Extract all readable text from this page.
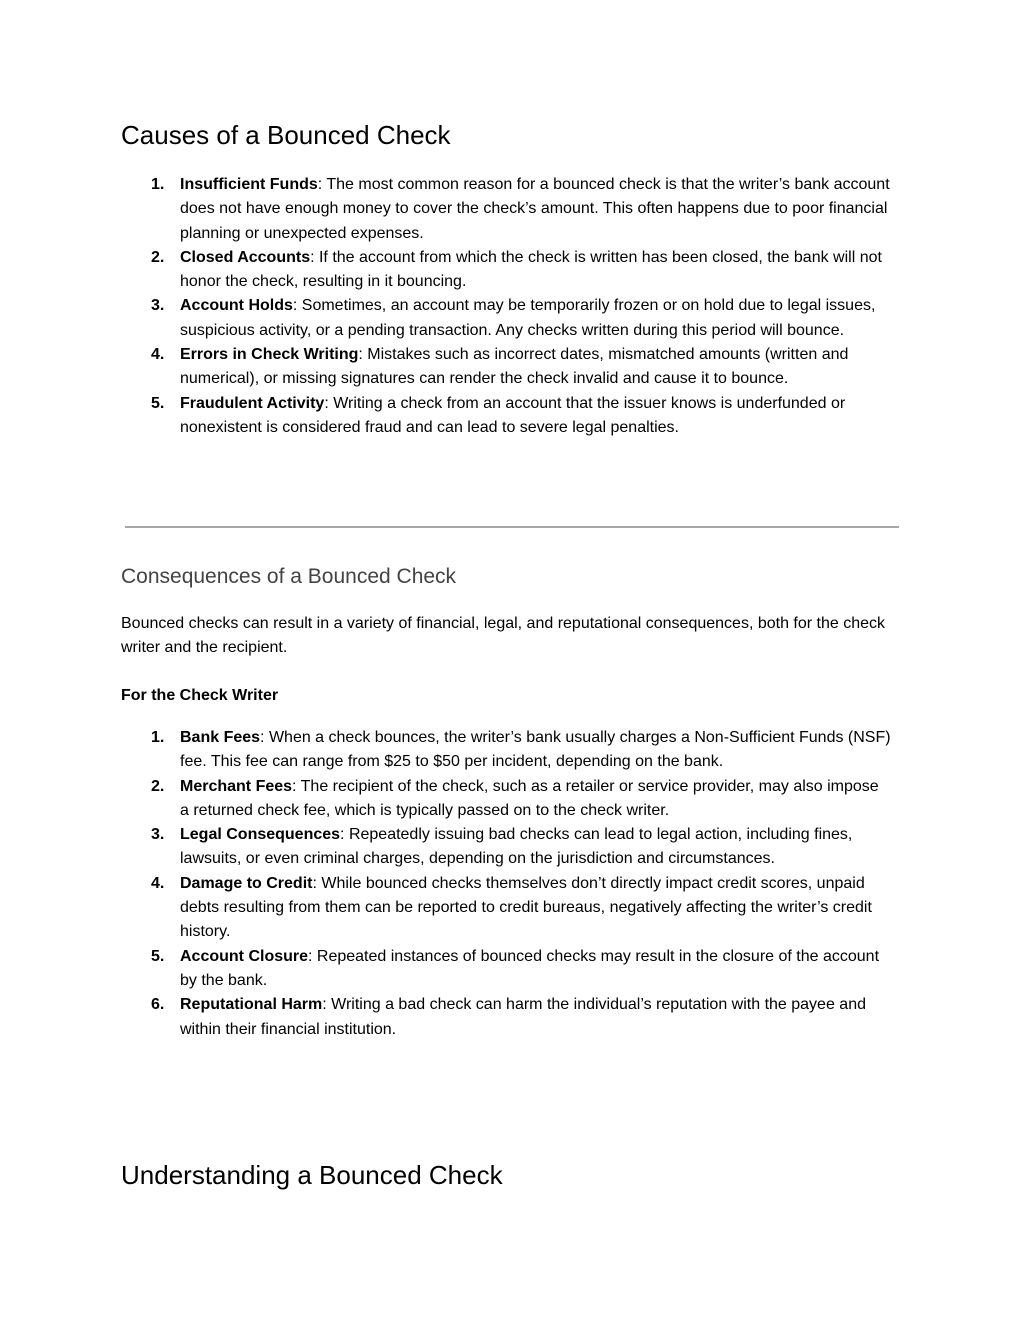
Causes of a Bounced Check
1. Insufficient Funds: The most common reason for a bounced check is that the writer’s bank account does not have enough money to cover the check’s amount. This often happens due to poor financial planning or unexpected expenses.
2. Closed Accounts: If the account from which the check is written has been closed, the bank will not honor the check, resulting in it bouncing.
3. Account Holds: Sometimes, an account may be temporarily frozen or on hold due to legal issues, suspicious activity, or a pending transaction. Any checks written during this period will bounce.
4. Errors in Check Writing: Mistakes such as incorrect dates, mismatched amounts (written and numerical), or missing signatures can render the check invalid and cause it to bounce.
5. Fraudulent Activity: Writing a check from an account that the issuer knows is underfunded or nonexistent is considered fraud and can lead to severe legal penalties.
Consequences of a Bounced Check

Bounced checks can result in a variety of financial, legal, and reputational consequences, both for the check writer and the recipient.

For the Check Writer
1. Bank Fees: When a check bounces, the writer’s bank usually charges a Non-Sufficient Funds (NSF) fee. This fee can range from $25 to $50 per incident, depending on the bank.
2. Merchant Fees: The recipient of the check, such as a retailer or service provider, may also impose a returned check fee, which is typically passed on to the check writer.
3. Legal Consequences: Repeatedly issuing bad checks can lead to legal action, including fines, lawsuits, or even criminal charges, depending on the jurisdiction and circumstances.
4. Damage to Credit: While bounced checks themselves don’t directly impact credit scores, unpaid debts resulting from them can be reported to credit bureaus, negatively affecting the writer’s credit history.
5. Account Closure: Repeated instances of bounced checks may result in the closure of the account by the bank.
6. Reputational Harm: Writing a bad check can harm the individual’s reputation with the payee and within their financial institution.
Understanding a Bounced Check
